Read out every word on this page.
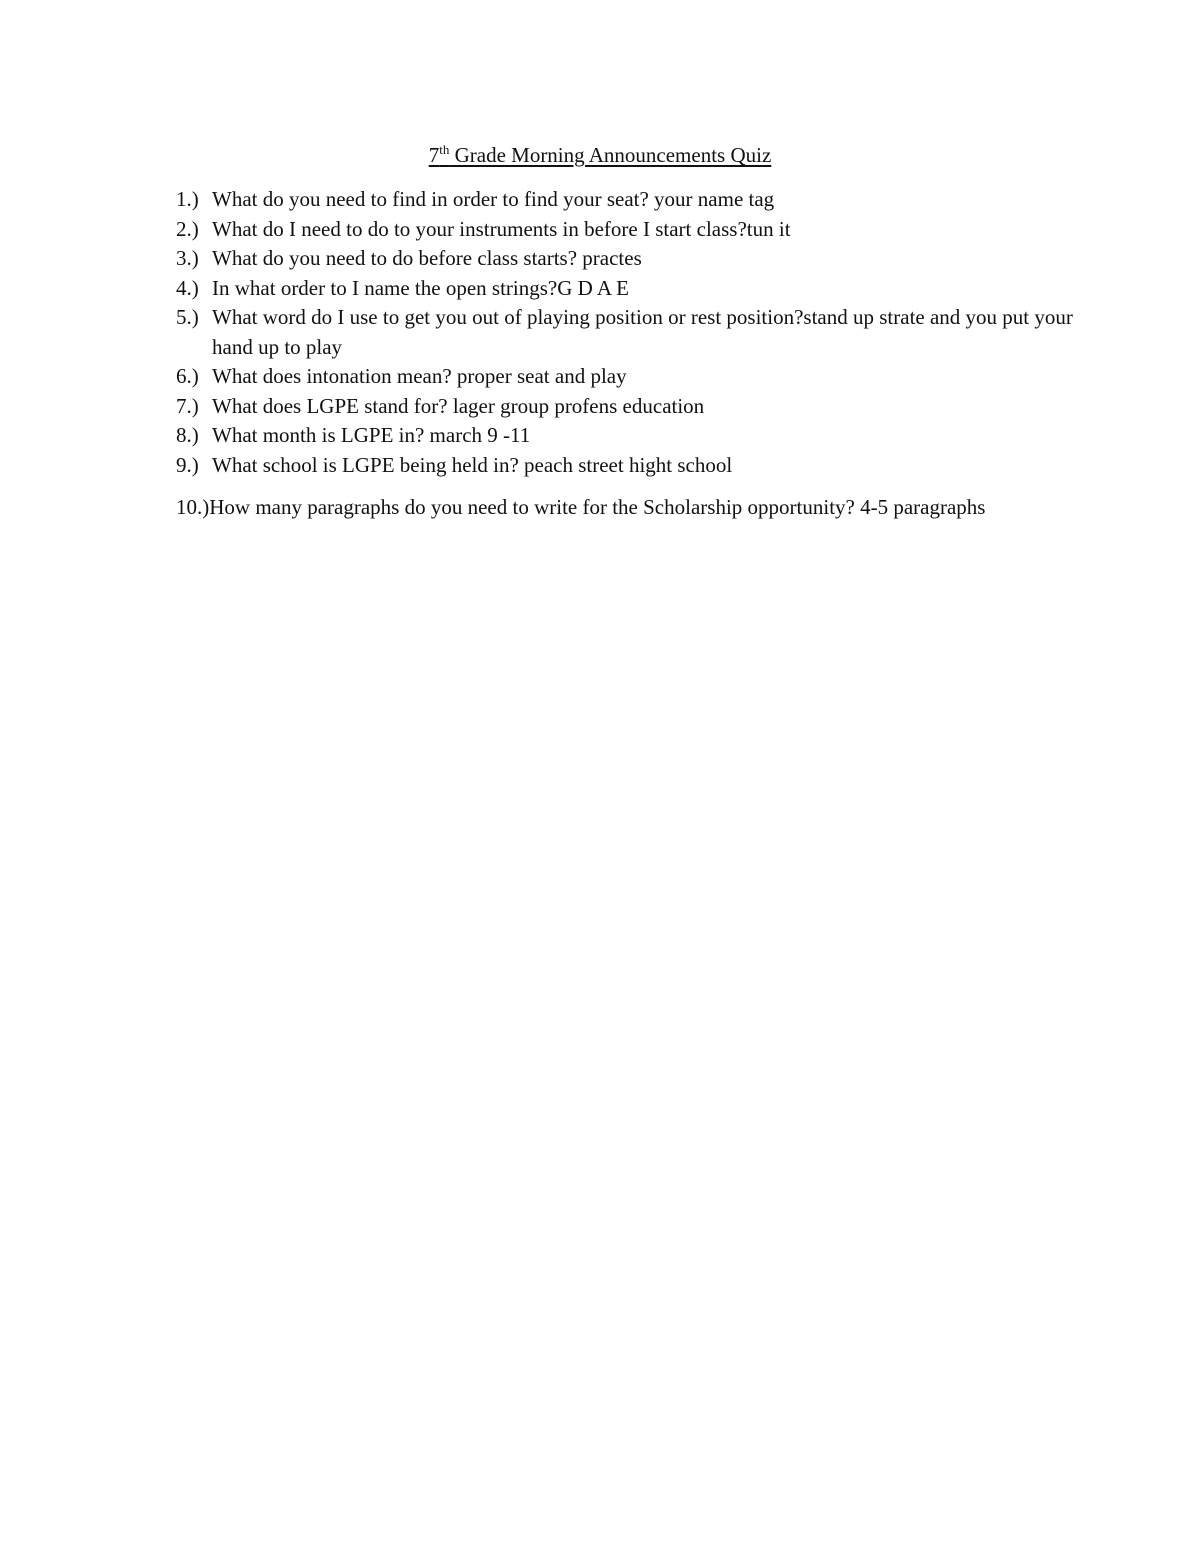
7th Grade Morning Announcements Quiz
1.) What do you need to find in order to find your seat? your name tag
2.) What do I need to do to your instruments in before I start class?tun it
3.) What do you need to do before class starts? practes
4.) In what order to I name the open strings?G D A E
5.) What word do I use to get you out of playing position or rest position?stand up strate and you put your hand up to play
6.) What does intonation mean? proper seat and play
7.) What does LGPE stand for? lager group profens education
8.) What month is LGPE in? march 9 -11
9.) What school is LGPE being held in? peach street hight school
10.)How many paragraphs do you need to write for the Scholarship opportunity? 4-5 paragraphs
